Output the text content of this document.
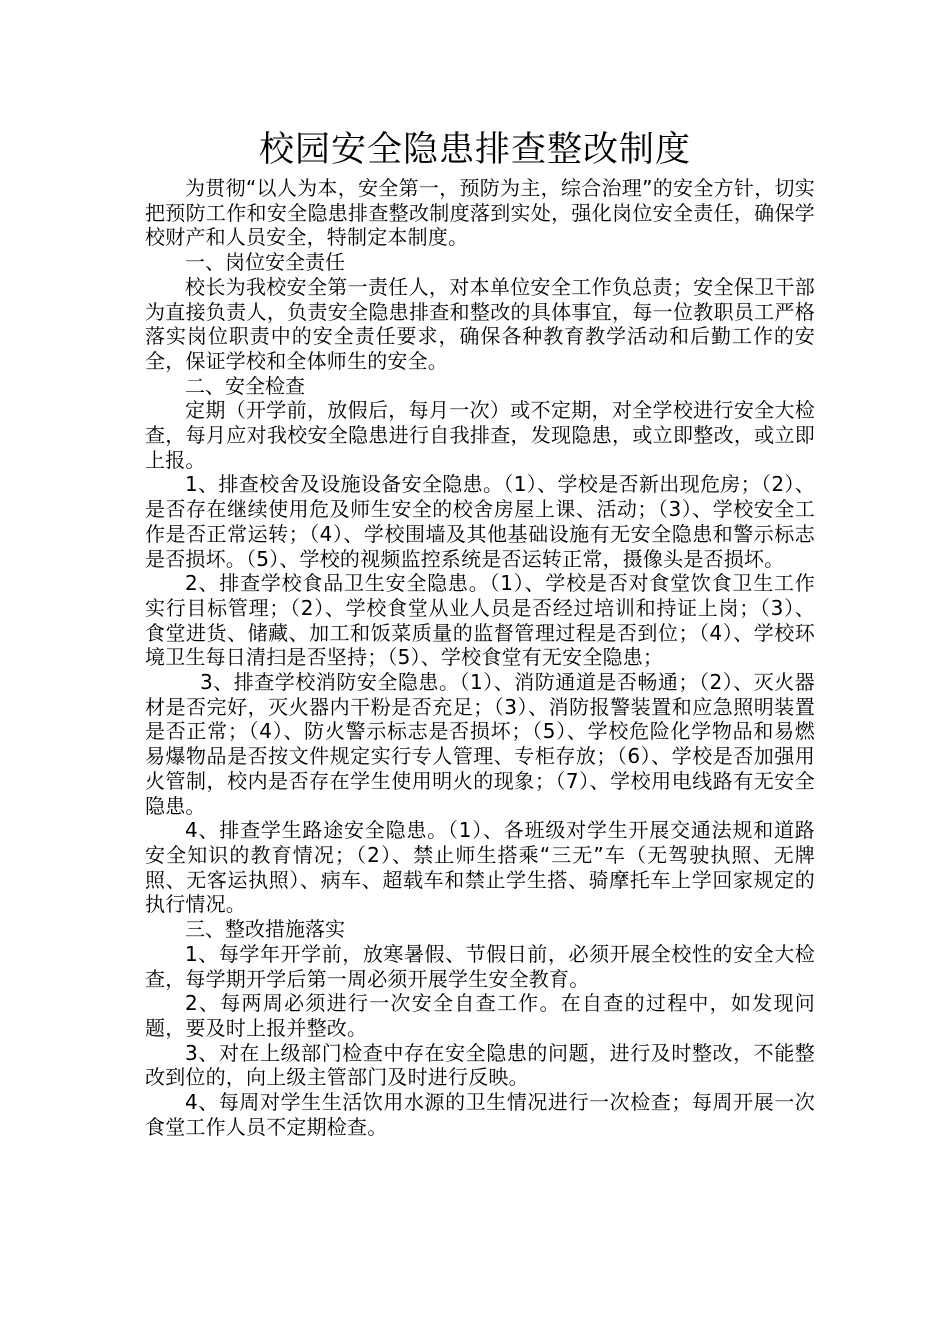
校园安全隐患排查整改制度

为贯彻“以人为本，安全第一，预防为主，综合治理”的安全方针，切实把预防工作和安全隐患排查整改制度落到实处，强化岗位安全责任，确保学校财产和人员安全，特制定本制度。

一、岗位安全责任

校长为我校安全第一责任人，对本单位安全工作负总责；安全保卫干部为直接负责人，负责安全隐患排查和整改的具体事宜，每一位教职员工严格落实岗位职责中的安全责任要求，确保各种教育教学活动和后勤工作的安全，保证学校和全体师生的安全。

二、安全检查

定期（开学前，放假后，每月一次）或不定期，对全学校进行安全大检查，每月应对我校安全隐患进行自我排查，发现隐患，或立即整改，或立即上报。

1、排查校舍及设施设备安全隐患。（1）、学校是否新出现危房；（2）、是否存在继续使用危及师生安全的校舍房屋上课、活动；（3）、学校安全工作是否正常运转；（4）、学校围墙及其他基础设施有无安全隐患和警示标志是否损坏。（5）、学校的视频监控系统是否运转正常，摄像头是否损坏。

2、排查学校食品卫生安全隐患。（1）、学校是否对食堂饮食卫生工作实行目标管理；（2）、学校食堂从业人员是否经过培训和持证上岗；（3）、食堂进货、储藏、加工和饭菜质量的监督管理过程是否到位；（4）、学校环境卫生每日清扫是否坚持；（5）、学校食堂有无安全隐患；

3、排查学校消防安全隐患。（1）、消防通道是否畅通；（2）、灭火器材是否完好，灭火器内干粉是否充足；（3）、消防报警装置和应急照明装置是否正常；（4）、防火警示标志是否损坏；（5）、学校危险化学物品和易燃易爆物品是否按文件规定实行专人管理、专柜存放；（6）、学校是否加强用火管制，校内是否存在学生使用明火的现象；（7）、学校用电线路有无安全隐患。

4、排查学生路途安全隐患。（1）、各班级对学生开展交通法规和道路安全知识的教育情况；（2）、禁止师生搭乘“三无”车（无驾驶执照、无牌照、无客运执照）、病车、超载车和禁止学生搭、骑摩托车上学回家规定的执行情况。

三、整改措施落实

1、每学年开学前，放寒暑假、节假日前，必须开展全校性的安全大检查，每学期开学后第一周必须开展学生安全教育。

2、每两周必须进行一次安全自查工作。在自查的过程中，如发现问题，要及时上报并整改。

3、对在上级部门检查中存在安全隐患的问题，进行及时整改，不能整改到位的，向上级主管部门及时进行反映。

4、每周对学生生活饮用水源的卫生情况进行一次检查；每周开展一次食堂工作人员不定期检查。
